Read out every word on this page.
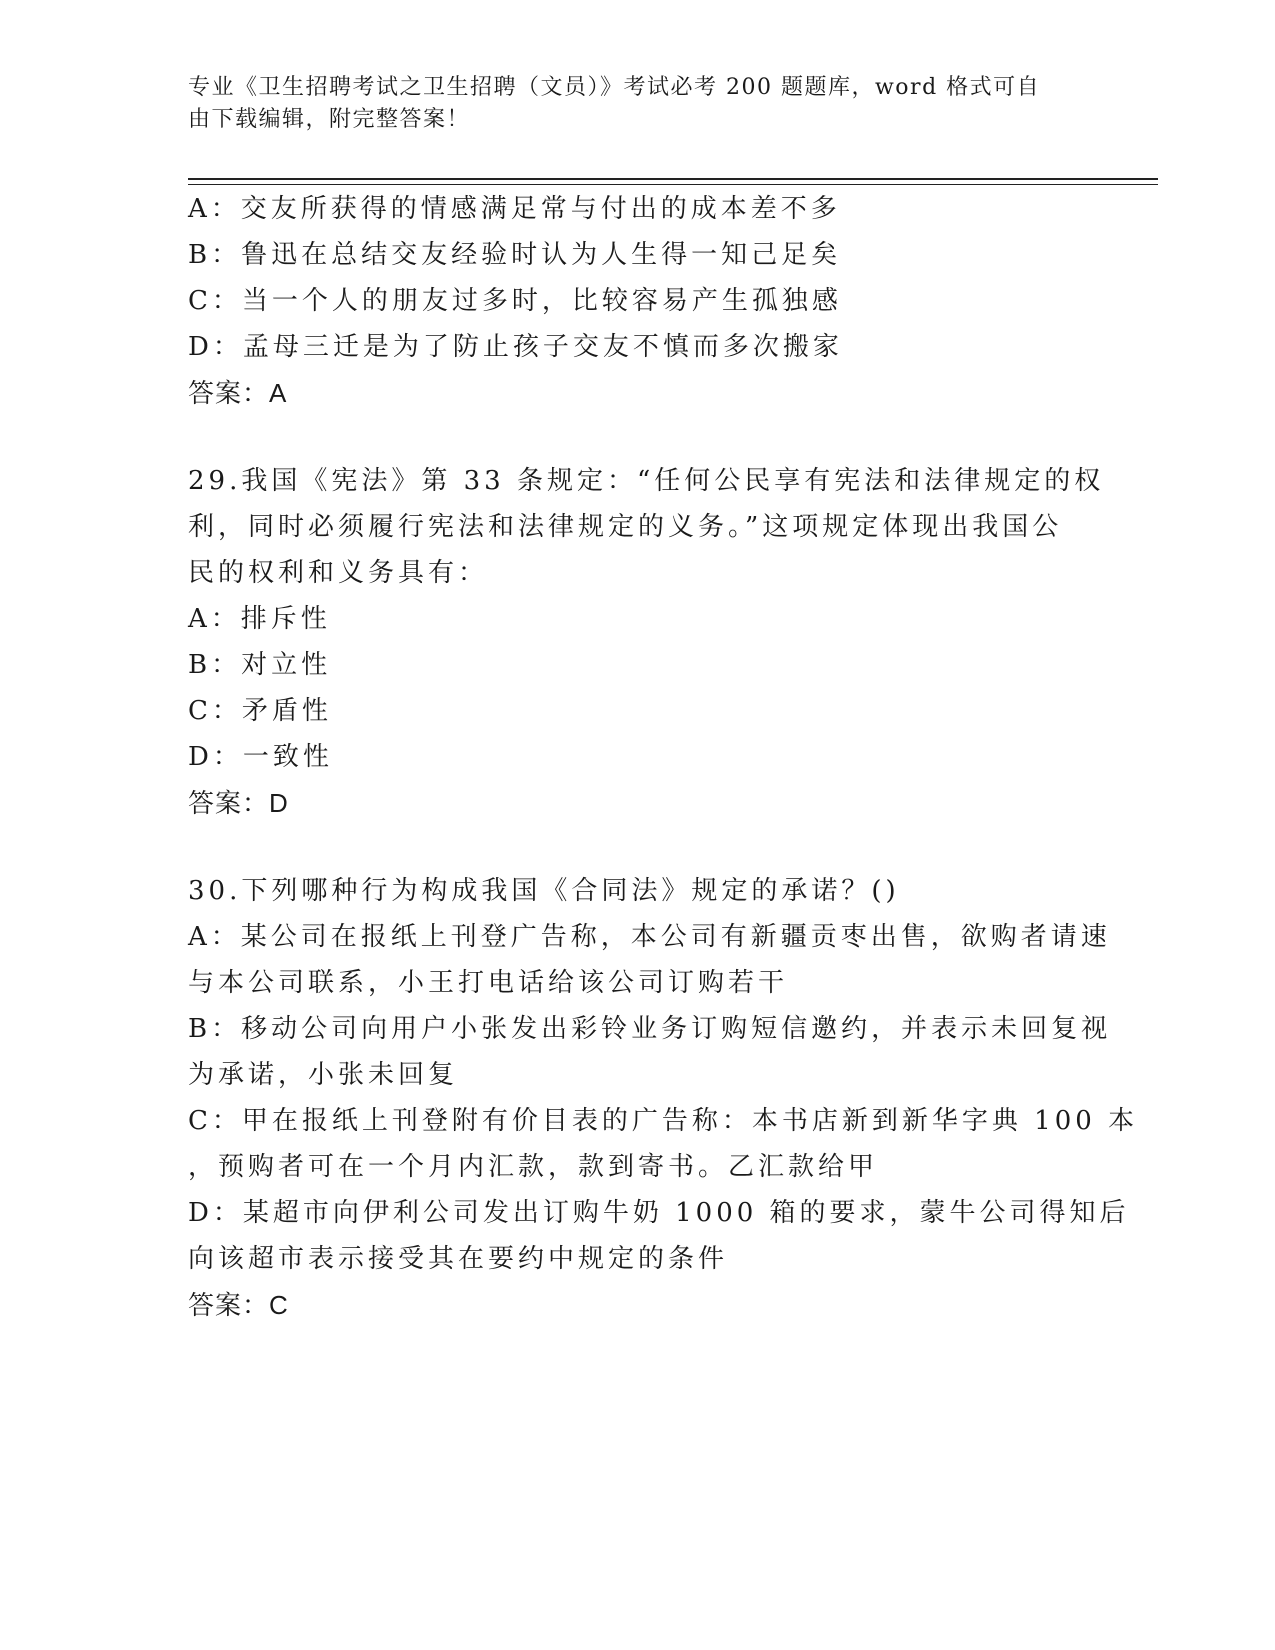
专业《卫生招聘考试之卫生招聘（文员）》考试必考 200 题题库，word 格式可自
由下载编辑，附完整答案！
A：交友所获得的情感满足常与付出的成本差不多
B：鲁迅在总结交友经验时认为人生得一知己足矣
C：当一个人的朋友过多时，比较容易产生孤独感
D：孟母三迁是为了防止孩子交友不慎而多次搬家
答案：A
29.我国《宪法》第 33 条规定：“任何公民享有宪法和法律规定的权
利，同时必须履行宪法和法律规定的义务。”这项规定体现出我国公
民的权利和义务具有：
A：排斥性
B：对立性
C：矛盾性
D：一致性
答案：D
30.下列哪种行为构成我国《合同法》规定的承诺？()
A：某公司在报纸上刊登广告称，本公司有新疆贡枣出售，欲购者请速
与本公司联系，小王打电话给该公司订购若干
B：移动公司向用户小张发出彩铃业务订购短信邀约，并表示未回复视
为承诺，小张未回复
C：甲在报纸上刊登附有价目表的广告称：本书店新到新华字典 100 本
，预购者可在一个月内汇款，款到寄书。乙汇款给甲
D：某超市向伊利公司发出订购牛奶 1000 箱的要求，蒙牛公司得知后
向该超市表示接受其在要约中规定的条件
答案：C
